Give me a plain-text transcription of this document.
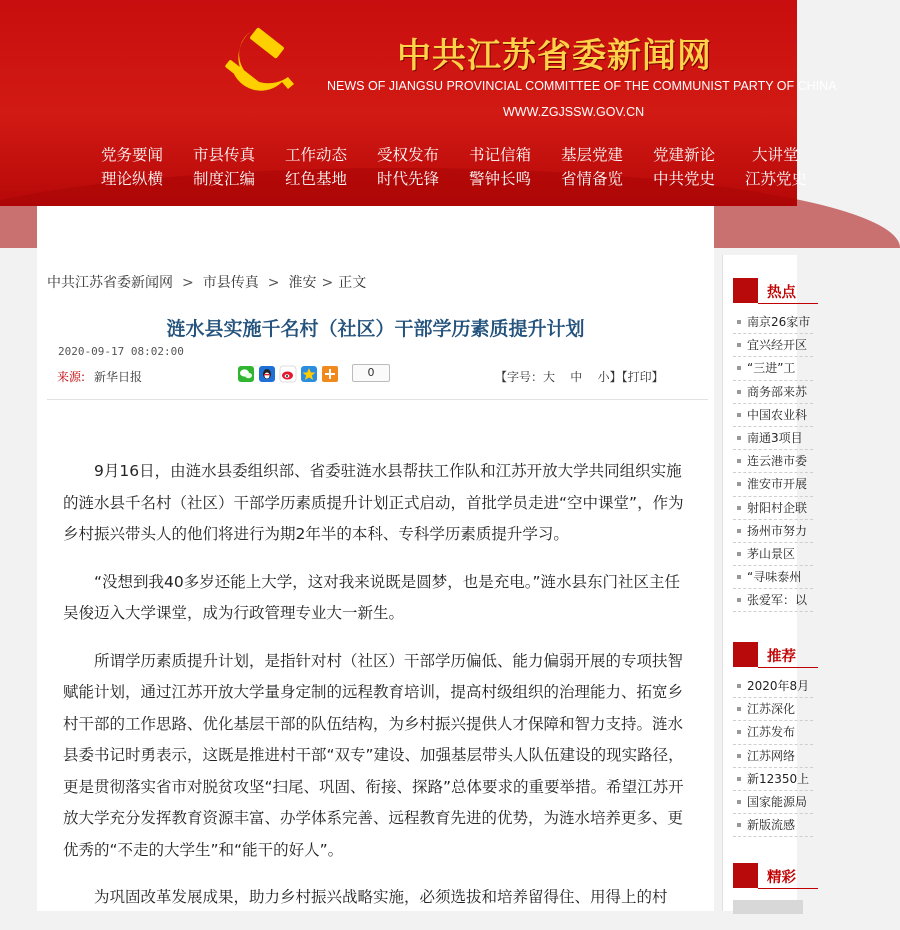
中共江苏省委新闻网
NEWS OF JIANGSU PROVINCIAL COMMITTEE OF THE COMMUNIST PARTY OF CHINA
WWW.ZGJSSW.GOV.CN
党务要闻 市县传真 工作动态 受权发布 书记信箱 基层党建 党建新论 大讲堂
理论纵横 制度汇编 红色基地 时代先锋 警钟长鸣 省情备览 中共党史 江苏党史
中共江苏省委新闻网 > 市县传真 > 淮安 > 正文
涟水县实施千名村（社区）干部学历素质提升计划
2020-09-17 08:02:00
来源: 新华日报	0	【字号：大 中 小】【打印】

9月16日，由涟水县委组织部、省委驻涟水县帮扶工作队和江苏开放大学共同组织实施的涟水县千名村（社区）干部学历素质提升计划正式启动，首批学员走进“空中课堂”，作为乡村振兴带头人的他们将进行为期2年半的本科、专科学历素质提升学习。

“没想到我40多岁还能上大学，这对我来说既是圆梦，也是充电。”涟水县东门社区主任吴俊迈入大学课堂，成为行政管理专业大一新生。

所谓学历素质提升计划，是指针对村（社区）干部学历偏低、能力偏弱开展的专项扶智赋能计划，通过江苏开放大学量身定制的远程教育培训，提高村级组织的治理能力、拓宽乡村干部的工作思路、优化基层干部的队伍结构，为乡村振兴提供人才保障和智力支持。涟水县委书记时勇表示，这既是推进村干部“双专”建设、加强基层带头人队伍建设的现实路径，更是贯彻落实省市对脱贫攻坚“扫尾、巩固、衔接、探路”总体要求的重要举措。希望江苏开放大学充分发挥教育资源丰富、办学体系完善、远程教育先进的优势，为涟水培养更多、更优秀的“不走的大学生”和“能干的好人”。

为巩固改革发展成果，助力乡村振兴战略实施，必须选拔和培养留得住、用得上的村

热点
南京26家市
宜兴经开区
“三进”工
商务部来苏
中国农业科
南通3项目
连云港市委
淮安市开展
射阳村企联
扬州市努力
茅山景区
“寻味泰州
张爱军：以
推荐
2020年8月
江苏深化
江苏发布
江苏网络
新12350上
国家能源局
新版流感
精彩
